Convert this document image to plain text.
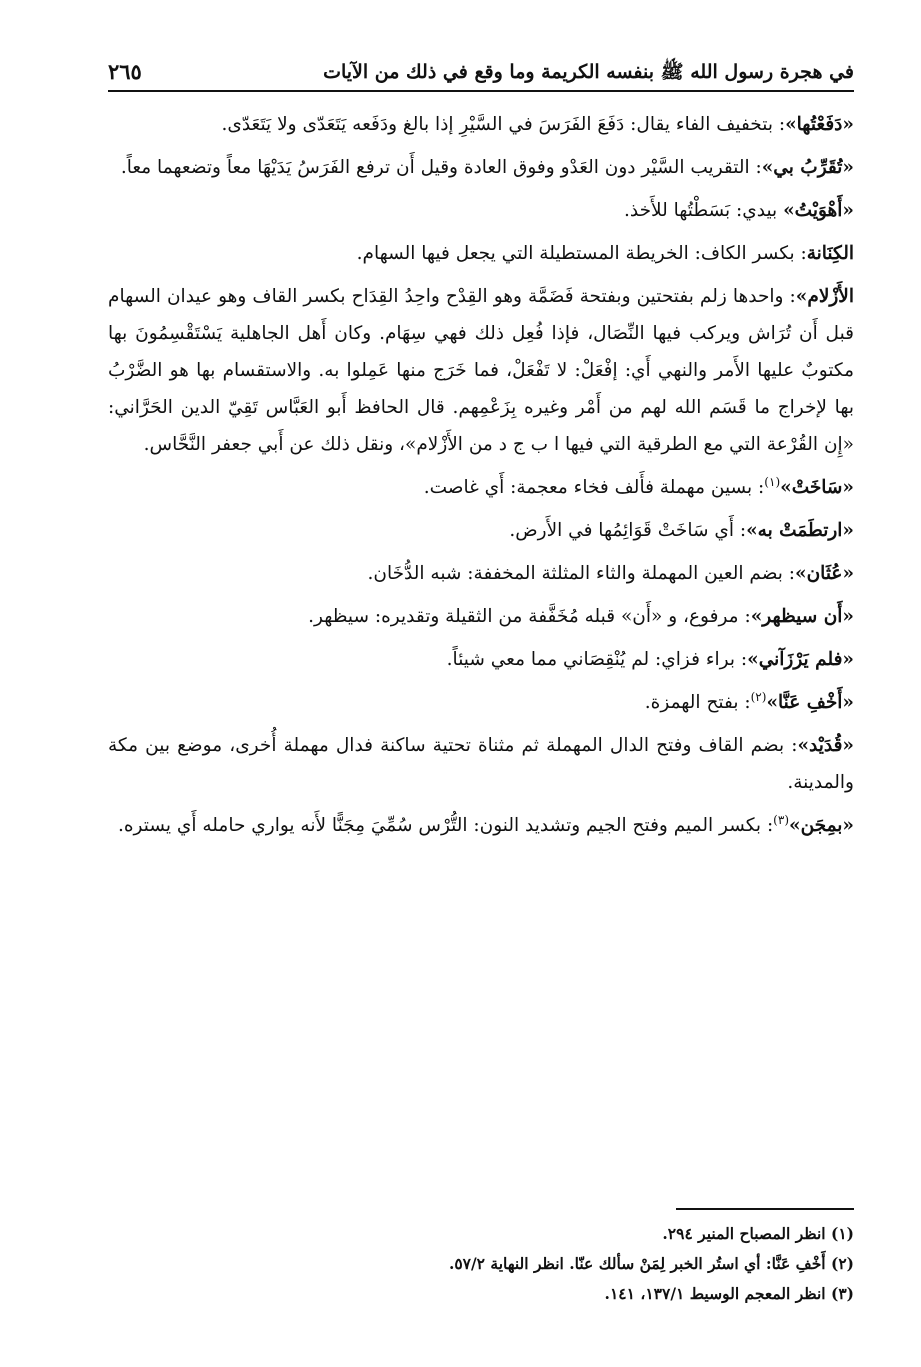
في هجرة رسول الله ﷺ بنفسه الكريمة وما وقع في ذلك من الآيات
٢٦٥

«دَفَعْتُها»: بتخفيف الفاء يقال: دَفَعَ الفَرَسَ في السَّيْرِ إذا بالغ ودَفَعه يَتَعَدّى ولا يَتَعَدّى.

«تُقَرِّبُ بي»: التقريب السَّيْر دون العَدْو وفوق العادة وقيل أَن ترفع الفَرَسُ يَدَيْهَا معاً وتضعهما معاً.

«أَهْوَيْتُ» بيدي: بَسَطْتُها للأَخذ.

الكِنَانة: بكسر الكاف: الخريطة المستطيلة التي يجعل فيها السهام.

الأَزْلام»: واحدها زلم بفتحتين وبفتحة فَضَمَّة وهو القِدْح واحِدُ القِدَاح بكسر القاف وهو عيدان السهام قبل أَن تُرَاش ويركب فيها النِّصَال، فإذا فُعِل ذلك فهي سِهَام. وكان أَهل الجاهلية يَسْتَقْسِمُونَ بها مكتوبٌ عليها الأَمر والنهي أَي: إفْعَلْ: لا تَفْعَلْ، فما خَرَج منها عَمِلوا به. والاستقسام بها هو الضَّرْبُ بها لإخراج ما قَسَم الله لهم من أَمْر وغيره بِزَعْمِهم. قال الحافظ أَبو العَبَّاس تَقِيّ الدين الحَرَّاني: «إِن القُرْعة التي مع الطرقية التي فيها ا ب ج د من الأَزْلام»، ونقل ذلك عن أَبي جعفر النَّحَّاس.

«سَاخَتْ»$^{(١)}$: بسين مهملة فأَلف فخاء معجمة: أَي غاصت.

«ارتطَمَتْ به»: أَي سَاخَتْ قَوَائِمُها في الأَرض.

«عُثَان»: بضم العين المهملة والثاء المثلثة المخففة: شبه الدُّخَان.

«أَن سيظهر»: مرفوع، و «أَن» قبله مُخَفَّفة من الثقيلة وتقديره: سيظهر.

«فلم يَرْزَآني»: براء فزاي: لم يُنْقِصَاني مما معي شيئاً.

«أَخْفِ عَنَّا»$^{(٢)}$: بفتح الهمزة.

«قُدَيْد»: بضم القاف وفتح الدال المهملة ثم مثناة تحتية ساكنة فدال مهملة أُخرى، موضع بين مكة والمدينة.

«بمِجَن»$^{(٣)}$: بكسر الميم وفتح الجيم وتشديد النون: التُّرْس سُمِّيَ مِجَنًّا لأَنه يواري حامله أَي يستره.

(١) انظر المصباح المنير ٢٩٤.

(٢) أَخْفِ عَنَّا: أي استُر الخبر لِمَنْ سألك عنّا. انظر النهاية ٥٧/٢.

(٣) انظر المعجم الوسيط ١٣٧/١، ١٤١.
